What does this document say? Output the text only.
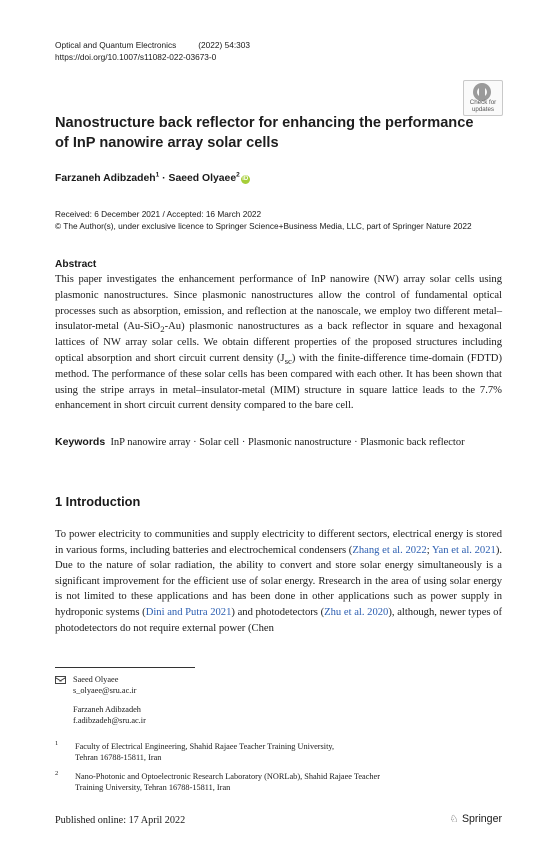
Optical and Quantum Electronics	(2022) 54:303
https://doi.org/10.1007/s11082-022-03673-0
Check for
updates
Nanostructure back reflector for enhancing the performance of InP nanowire array solar cells
Farzaneh Adibzadeh$^1$ · Saeed Olyaee$^2$iD
Received: 6 December 2021 / Accepted: 16 March 2022
© The Author(s), under exclusive licence to Springer Science+Business Media, LLC, part of Springer Nature 2022
Abstract
This paper investigates the enhancement performance of InP nanowire (NW) array solar cells using plasmonic nanostructures. Since plasmonic nanostructures allow the control of fundamental optical processes such as absorption, emission, and reflection at the nanoscale, we employ two different metal–insulator-metal (Au-SiO$_2$-Au) plasmonic nanostructures as a back reflector in square and hexagonal lattices of NW array solar cells. We obtain different properties of the proposed structures including optical absorption and short circuit current density $(J_{sc})$ with the finite-difference time-domain (FDTD) method. The performance of these solar cells has been compared with each other. It has been shown that using the stripe arrays in metal–insulator-metal (MIM) structure in square lattice leads to the 7.7% enhancement in short circuit current density compared to the bare cell.
Keywords InP nanowire array · Solar cell · Plasmonic nanostructure · Plasmonic back reflector
1 Introduction
To power electricity to communities and supply electricity to different sectors, electrical energy is stored in various forms, including batteries and electrochemical condensers (Zhang et al. 2022; Yan et al. 2021). Due to the nature of solar radiation, the ability to convert and store solar energy simultaneously is a significant improvement for the efficient use of solar energy. Rresearch in the area of using solar energy is not limited to these applications and has been done in other applications such as power supply in hydroponic systems (Dini and Putra 2021) and photodetectors (Zhu et al. 2020), although, newer types of photodetectors do not require external power (Chen
Saeed Olyaee
s_olyaee@sru.ac.ir
Farzaneh Adibzadeh
f.adibzadeh@sru.ac.ir
1 Faculty of Electrical Engineering, Shahid Rajaee Teacher Training University,
Tehran 16788-15811, Iran
2 Nano-Photonic and Optoelectronic Research Laboratory (NORLab), Shahid Rajaee Teacher
Training University, Tehran 16788-15811, Iran
Published online: 17 April 2022	♘ Springer
